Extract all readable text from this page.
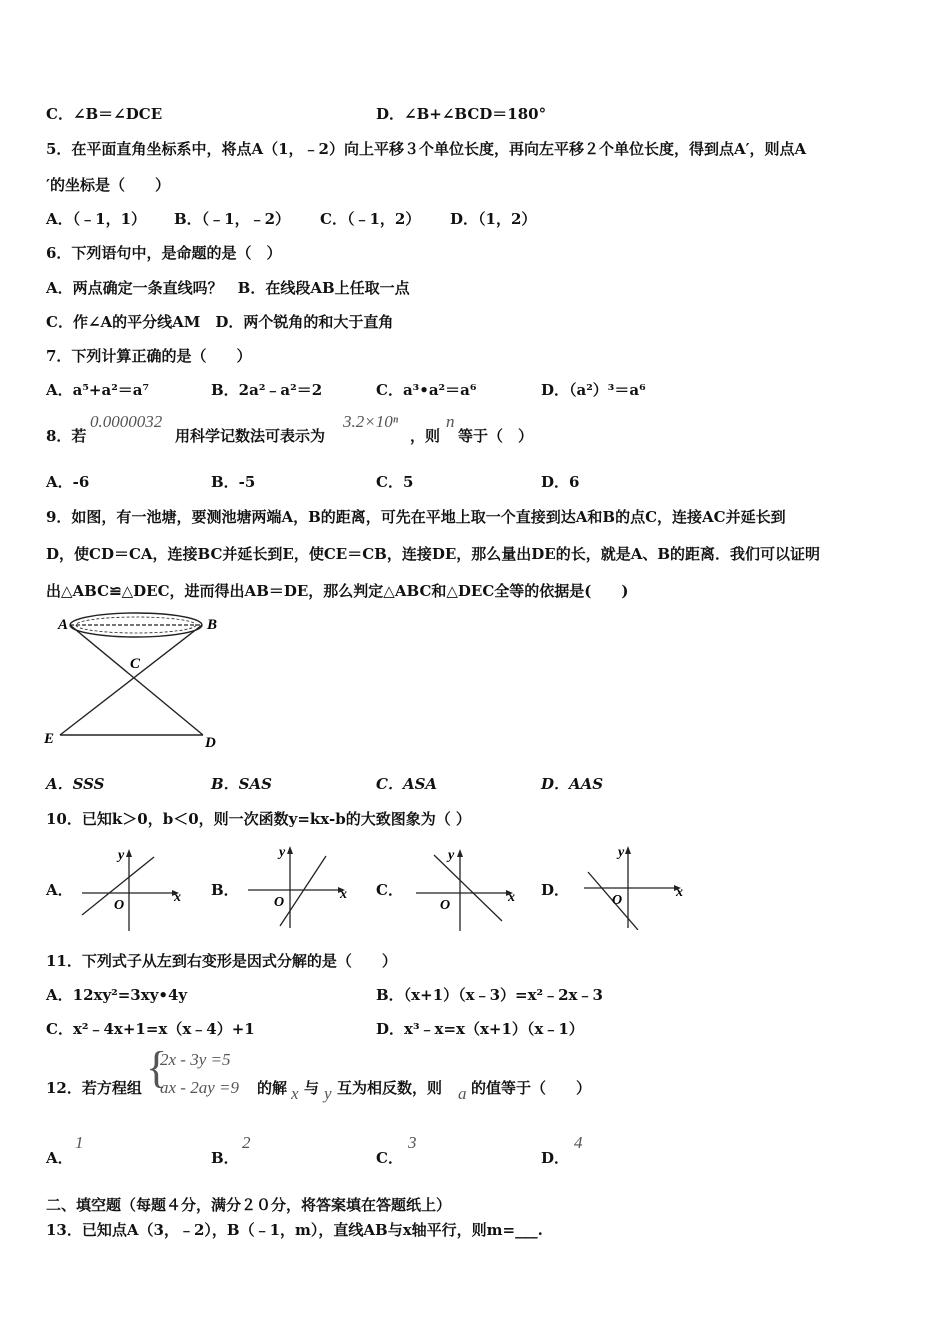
C．∠B＝∠DCE	D．∠B+∠BCD＝180°
5．在平面直角坐标系中，将点A（1，﹣2）向上平移３个单位长度，再向左平移２个单位长度，得到点A′，则点A
′的坐标是（　　）
A．（﹣1，1） B．（﹣1，﹣2） C．（﹣1，2） D．（1，2）
6．下列语句中，是命题的是（　）
A．两点确定一条直线吗？　B．在线段AB上任取一点
C．作∠A的平分线AM　D．两个锐角的和大于直角
7．下列计算正确的是（　　）
A．a⁵+a²＝a⁷	B．2a²﹣a²＝2	C．a³•a²＝a⁶	D．（a²）³＝a⁶
8．若
0.0000032
用科学记数法可表示为
3.2×10ⁿ
，则
n
等于（　）
A．-6	B．-5	C．5	D．6
9．如图，有一池塘，要测池塘两端A，B的距离，可先在平地上取一个直接到达A和B的点C，连接AC并延长到
D，使CD＝CA，连接BC并延长到E，使CE＝CB，连接DE，那么量出DE的长，就是A、B的距离．我们可以证明
出△ABC≌△DEC，进而得出AB＝DE，那么判定△ABC和△DEC全等的依据是(　　)
A	B
C
D
E
A．SSS	B．SAS	C．ASA	D．AAS
10．已知k＞0，b＜0，则一次函数y=kx-b的大致图象为（ ）
A．	x
y
O
B．	x
y
O
C．	x
y
O
D．	x
y
O
11．下列式子从左到右变形是因式分解的是（　　）
A．12xy²=3xy•4y	B．（x+1）（x﹣3）=x²﹣2x﹣3
C．x²﹣4x+1=x（x﹣4）+1	D．x³﹣x=x（x+1）（x﹣1）
12．若方程组 {
2x - 3y =5
ax - 2ay =9 的解 x 与 y 互为相反数，则 a 的值等于（　　）
A．
1
B．
2
C．
3
D．
4
二、填空题（每题４分，满分２０分，将答案填在答题纸上）
13．已知点A（3，﹣2），B（﹣1，m），直线AB与x轴平行，则m=___.
